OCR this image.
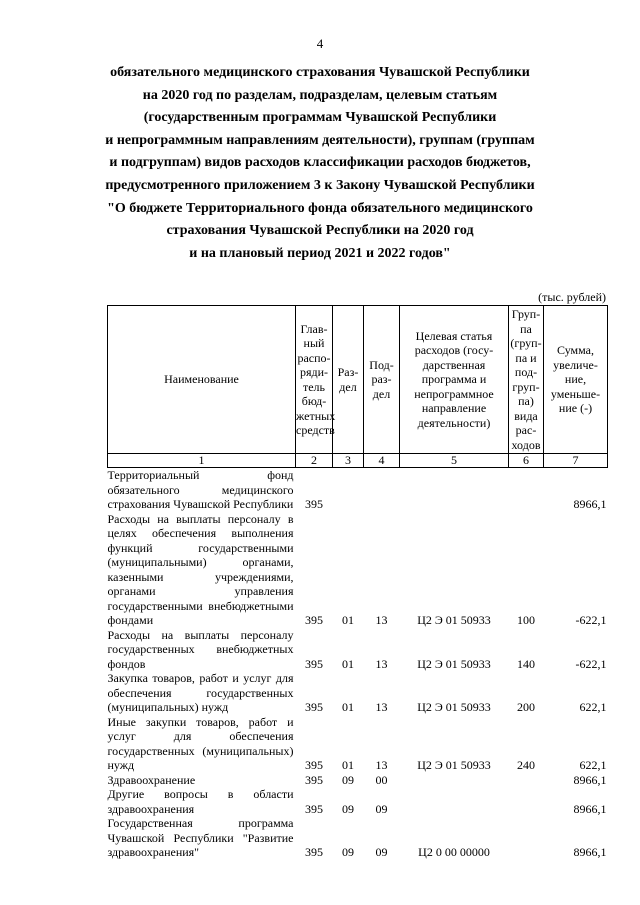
4
обязательного медицинского страхования Чувашской Республики
на 2020 год по разделам, подразделам, целевым статьям
(государственным программам Чувашской Республики
и непрограммным направлениям деятельности), группам (группам
и подгруппам) видов расходов классификации расходов бюджетов,
предусмотренного приложением 3 к Закону Чувашской Республики
"О бюджете Территориального фонда обязательного медицинского
страхования Чувашской Республики на 2020 год
и на плановый период 2021 и 2022 годов"
(тыс. рублей)
Наименование	Глав-ный распо-ряди-тель бюд-жетных средств	Раз-дел	Под-раз-дел	Целевая статья расходов (госу-дарственная программа и непрограммное направление деятельности)	Груп-па (груп-па и под-груп-па) вида рас-ходов	Сумма, увеличе-ние, уменьше-ние (-)
1	2	3	4	5	6	7
Территориальный фонд обязательного медицинского страхования Чувашской Республики	395					8966,1
Расходы на выплаты персоналу в целях обеспечения выполнения функций государственными (муниципальными) органами, казенными учреждениями, органами управления государственными внебюджетными фондами	395	01	13	Ц2 Э 01 50933	100	-622,1
Расходы на выплаты персоналу государственных внебюджетных фондов	395	01	13	Ц2 Э 01 50933	140	-622,1
Закупка товаров, работ и услуг для обеспечения государственных (муниципальных) нужд	395	01	13	Ц2 Э 01 50933	200	622,1
Иные закупки товаров, работ и услуг для обеспечения государственных (муниципальных) нужд	395	01	13	Ц2 Э 01 50933	240	622,1
Здравоохранение	395	09	00			8966,1
Другие вопросы в области здравоохранения	395	09	09			8966,1
Государственная программа Чувашской Республики "Развитие здравоохранения"	395	09	09	Ц2 0 00 00000		8966,1
